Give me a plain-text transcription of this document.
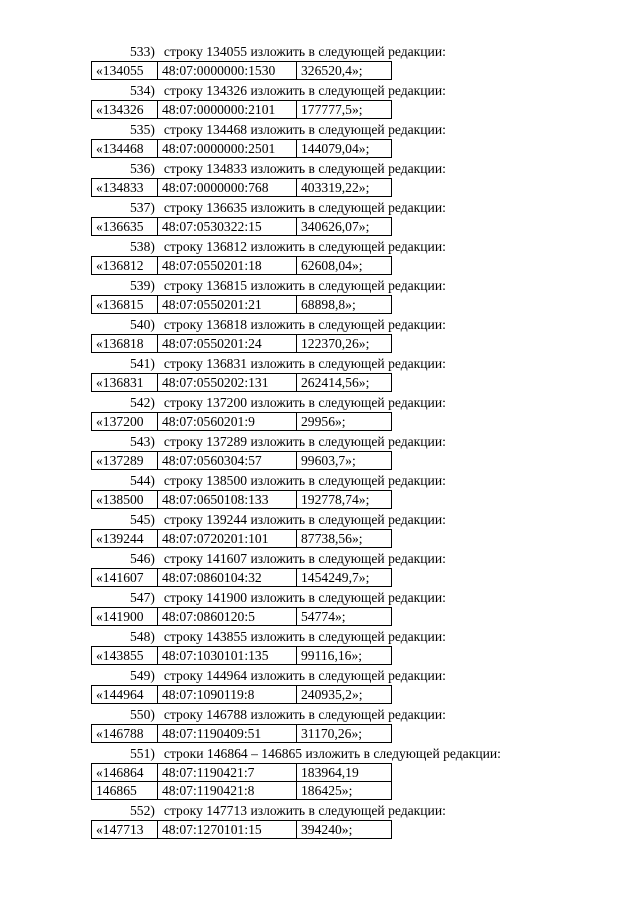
533) строку 134055 изложить в следующей редакции:
«134055	48:07:0000000:1530	326520,4»;
534) строку 134326 изложить в следующей редакции:
«134326	48:07:0000000:2101	177777,5»;
535) строку 134468 изложить в следующей редакции:
«134468	48:07:0000000:2501	144079,04»;
536) строку 134833 изложить в следующей редакции:
«134833	48:07:0000000:768	403319,22»;
537) строку 136635 изложить в следующей редакции:
«136635	48:07:0530322:15	340626,07»;
538) строку 136812 изложить в следующей редакции:
«136812	48:07:0550201:18	62608,04»;
539) строку 136815 изложить в следующей редакции:
«136815	48:07:0550201:21	68898,8»;
540) строку 136818 изложить в следующей редакции:
«136818	48:07:0550201:24	122370,26»;
541) строку 136831 изложить в следующей редакции:
«136831	48:07:0550202:131	262414,56»;
542) строку 137200 изложить в следующей редакции:
«137200	48:07:0560201:9	29956»;
543) строку 137289 изложить в следующей редакции:
«137289	48:07:0560304:57	99603,7»;
544) строку 138500 изложить в следующей редакции:
«138500	48:07:0650108:133	192778,74»;
545) строку 139244 изложить в следующей редакции:
«139244	48:07:0720201:101	87738,56»;
546) строку 141607 изложить в следующей редакции:
«141607	48:07:0860104:32	1454249,7»;
547) строку 141900 изложить в следующей редакции:
«141900	48:07:0860120:5	54774»;
548) строку 143855 изложить в следующей редакции:
«143855	48:07:1030101:135	99116,16»;
549) строку 144964 изложить в следующей редакции:
«144964	48:07:1090119:8	240935,2»;
550) строку 146788 изложить в следующей редакции:
«146788	48:07:1190409:51	31170,26»;
551) строки 146864 – 146865 изложить в следующей редакции:
«146864	48:07:1190421:7	183964,19
146865	48:07:1190421:8	186425»;
552) строку 147713 изложить в следующей редакции:
«147713	48:07:1270101:15	394240»;
